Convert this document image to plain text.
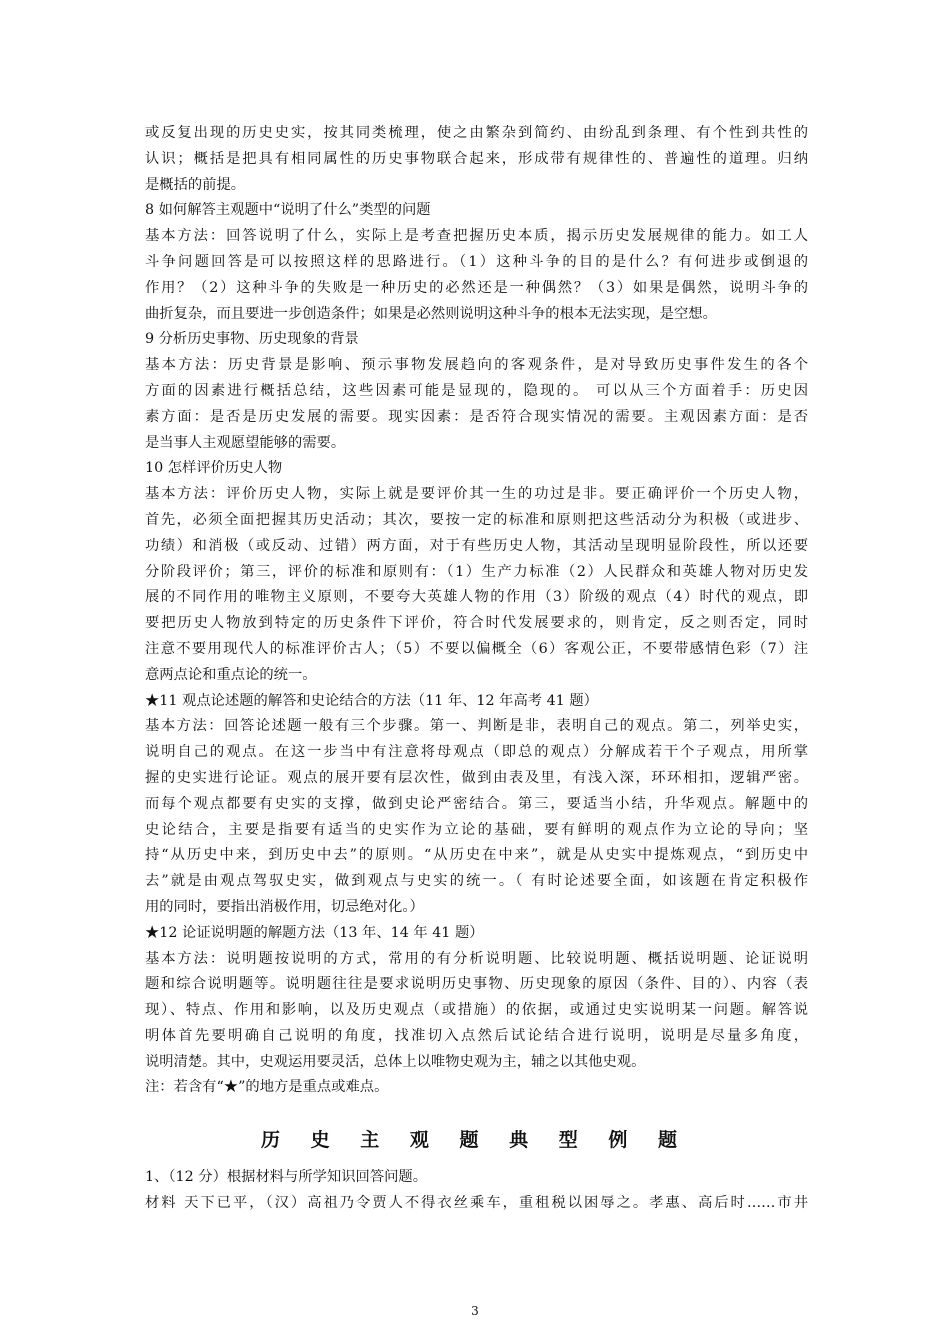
或反复出现的历史史实，按其同类梳理，使之由繁杂到简约、由纷乱到条理、有个性到共性的
认识；概括是把具有相同属性的历史事物联合起来，形成带有规律性的、普遍性的道理。归纳
是概括的前提。
8 如何解答主观题中“说明了什么”类型的问题
基本方法：回答说明了什么，实际上是考查把握历史本质，揭示历史发展规律的能力。如工人
斗争问题回答是可以按照这样的思路进行。（1）这种斗争的目的是什么？有何进步或倒退的
作用？（2）这种斗争的失败是一种历史的必然还是一种偶然？（3）如果是偶然，说明斗争的
曲折复杂，而且要进一步创造条件；如果是必然则说明这种斗争的根本无法实现，是空想。
9 分析历史事物、历史现象的背景
基本方法：历史背景是影响、预示事物发展趋向的客观条件，是对导致历史事件发生的各个
方面的因素进行概括总结，这些因素可能是显现的，隐现的。 可以从三个方面着手：历史因
素方面：是否是历史发展的需要。现实因素：是否符合现实情况的需要。主观因素方面：是否
是当事人主观愿望能够的需要。
10 怎样评价历史人物
基本方法：评价历史人物，实际上就是要评价其一生的功过是非。要正确评价一个历史人物，
首先，必须全面把握其历史活动；其次，要按一定的标准和原则把这些活动分为积极（或进步、
功绩）和消极（或反动、过错）两方面，对于有些历史人物，其活动呈现明显阶段性，所以还要
分阶段评价；第三，评价的标准和原则有：（1）生产力标准（2）人民群众和英雄人物对历史发
展的不同作用的唯物主义原则，不要夸大英雄人物的作用（3）阶级的观点（4）时代的观点，即
要把历史人物放到特定的历史条件下评价，符合时代发展要求的，则肯定，反之则否定，同时
注意不要用现代人的标准评价古人；（5）不要以偏概全（6）客观公正，不要带感情色彩（7）注
意两点论和重点论的统一。
★11 观点论述题的解答和史论结合的方法（11 年、12 年高考 41 题）
基本方法：回答论述题一般有三个步骤。第一、判断是非，表明自己的观点。第二，列举史实，
说明自己的观点。在这一步当中有注意将母观点（即总的观点）分解成若干个子观点，用所掌
握的史实进行论证。观点的展开要有层次性，做到由表及里，有浅入深，环环相扣，逻辑严密。
而每个观点都要有史实的支撑，做到史论严密结合。第三，要适当小结，升华观点。解题中的
史论结合，主要是指要有适当的史实作为立论的基础，要有鲜明的观点作为立论的导向；坚
持“从历史中来，到历史中去”的原则。“从历史在中来”，就是从史实中提炼观点，“到历史中
去”就是由观点驾驭史实，做到观点与史实的统一。（ 有时论述要全面，如该题在肯定积极作
用的同时，要指出消极作用，切忌绝对化。）
★12 论证说明题的解题方法（13 年、14 年 41 题）
基本方法：说明题按说明的方式，常用的有分析说明题、比较说明题、概括说明题、论证说明
题和综合说明题等。说明题往往是要求说明历史事物、历史现象的原因（条件、目的）、内容（表
现）、特点、作用和影响，以及历史观点（或措施）的依据，或通过史实说明某一问题。解答说
明体首先要明确自己说明的角度，找准切入点然后试论结合进行说明，说明是尽量多角度，
说明清楚。其中，史观运用要灵活，总体上以唯物史观为主，辅之以其他史观。
注：若含有“★”的地方是重点或难点。
历 史 主 观 题 典 型 例 题
1、（12 分）根据材料与所学知识回答问题。
材料 天下已平，（汉）高祖乃令贾人不得衣丝乘车，重租税以困辱之。孝惠、高后时……市井
3
